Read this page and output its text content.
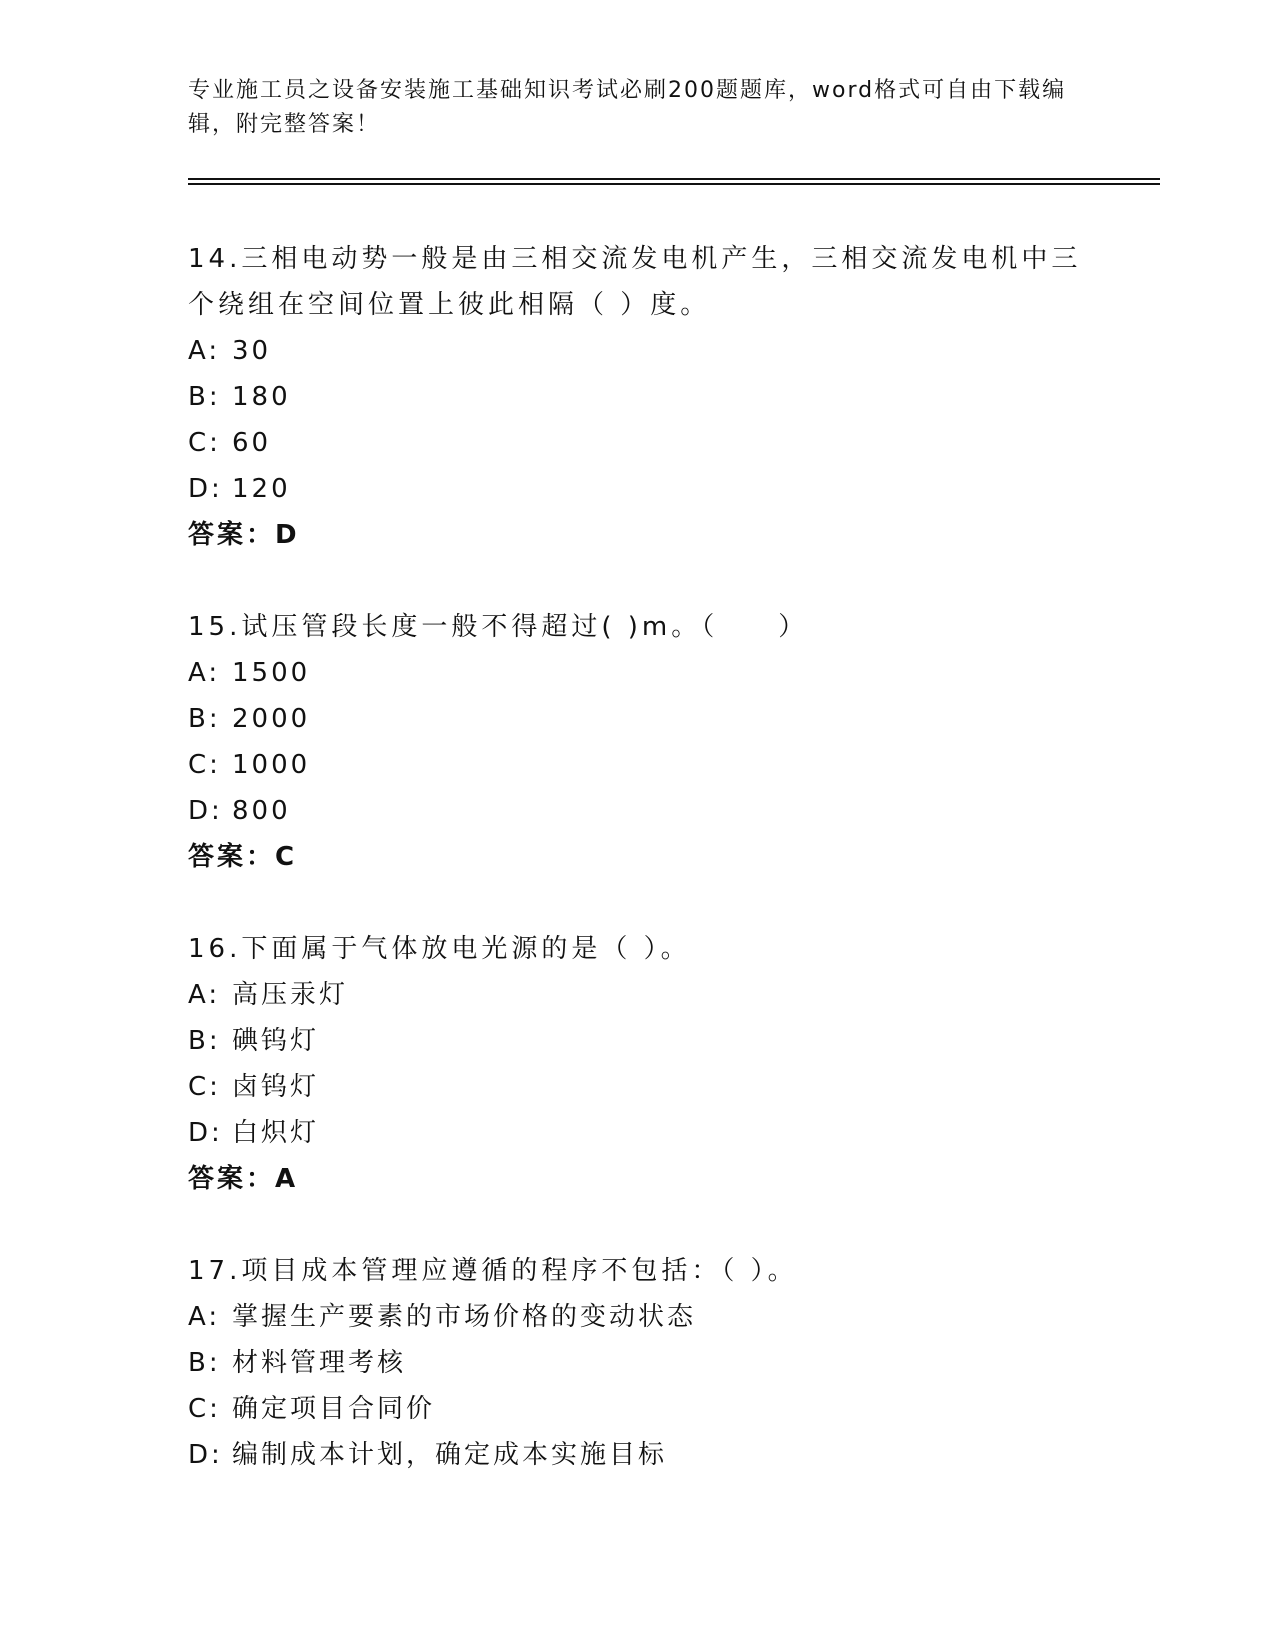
专业施工员之设备安装施工基础知识考试必刷200题题库，word格式可自由下载编辑，附完整答案！
14.三相电动势一般是由三相交流发电机产生，三相交流发电机中三个绕组在空间位置上彼此相隔（ ）度。
A: 30
B: 180
C: 60
D: 120
答案：D
15.试压管段长度一般不得超过( )m。（　　）
A: 1500
B: 2000
C: 1000
D: 800
答案：C
16.下面属于气体放电光源的是（ ）。
A: 高压汞灯
B: 碘钨灯
C: 卤钨灯
D: 白炽灯
答案：A
17.项目成本管理应遵循的程序不包括：（ ）。
A: 掌握生产要素的市场价格的变动状态
B: 材料管理考核
C: 确定项目合同价
D: 编制成本计划，确定成本实施目标
